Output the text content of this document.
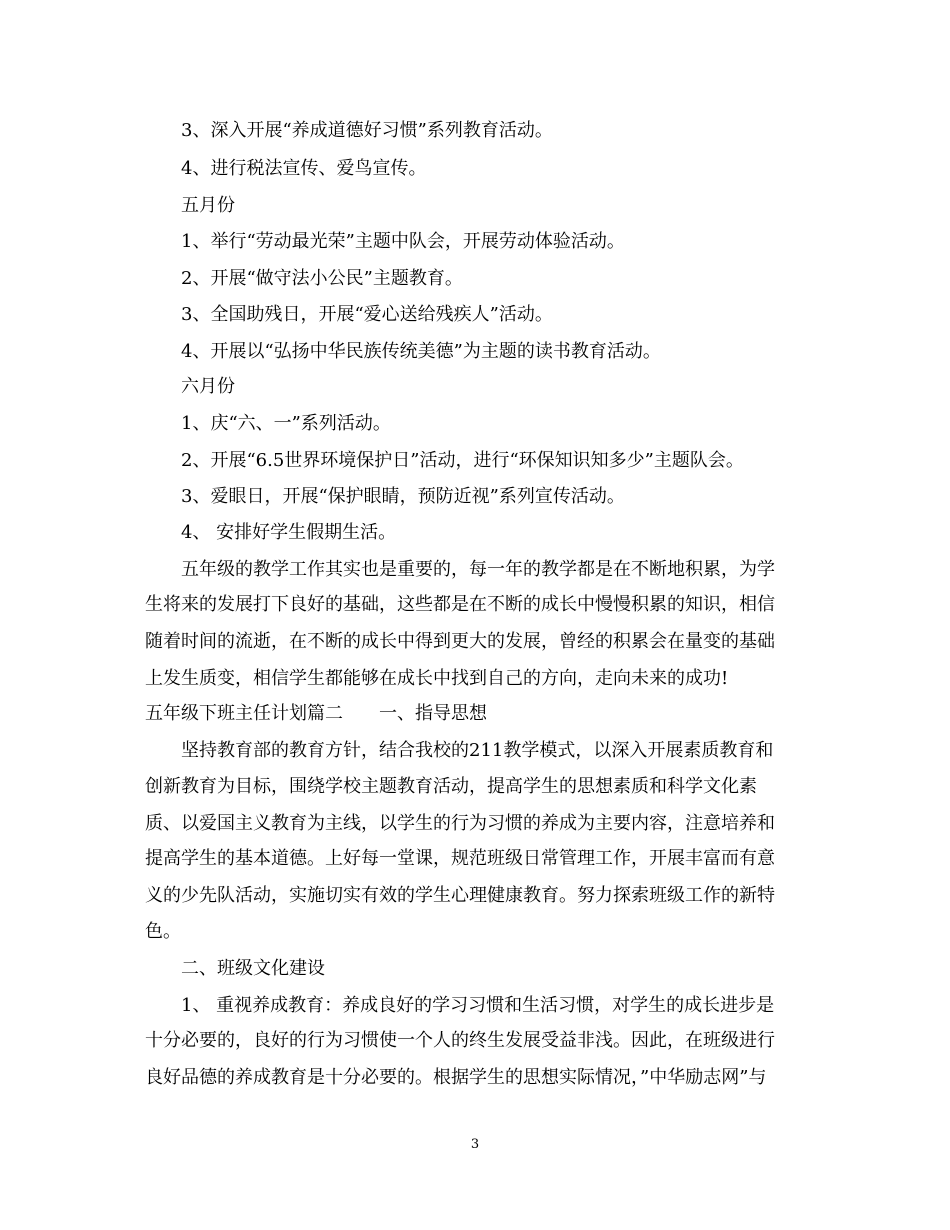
3、深入开展“养成道德好习惯”系列教育活动。
4、进行税法宣传、爱鸟宣传。
五月份
1、举行“劳动最光荣”主题中队会，开展劳动体验活动。
2、开展“做守法小公民”主题教育。
3、全国助残日，开展“爱心送给残疾人”活动。
4、开展以“弘扬中华民族传统美德”为主题的读书教育活动。
六月份
1、庆“六、一”系列活动。
2、开展“6.5世界环境保护日”活动，进行“环保知识知多少”主题队会。
3、爱眼日，开展“保护眼睛，预防近视”系列宣传活动。
4、 安排好学生假期生活。
五年级的教学工作其实也是重要的，每一年的教学都是在不断地积累，为学
生将来的发展打下良好的基础，这些都是在不断的成长中慢慢积累的知识，相信
随着时间的流逝，在不断的成长中得到更大的发展，曾经的积累会在量变的基础
上发生质变，相信学生都能够在成长中找到自己的方向，走向未来的成功!
五年级下班主任计划篇二　　一、指导思想
坚持教育部的教育方针，结合我校的211教学模式，以深入开展素质教育和
创新教育为目标，围绕学校主题教育活动，提高学生的思想素质和科学文化素
质、以爱国主义教育为主线，以学生的行为习惯的养成为主要内容，注意培养和
提高学生的基本道德。上好每一堂课，规范班级日常管理工作，开展丰富而有意
义的少先队活动，实施切实有效的学生心理健康教育。努力探索班级工作的新特
色。
二、班级文化建设
1、 重视养成教育：养成良好的学习习惯和生活习惯，对学生的成长进步是
十分必要的，良好的行为习惯使一个人的终生发展受益非浅。因此，在班级进行
良好品德的养成教育是十分必要的。根据学生的思想实际情况，”中华励志网”与
3
